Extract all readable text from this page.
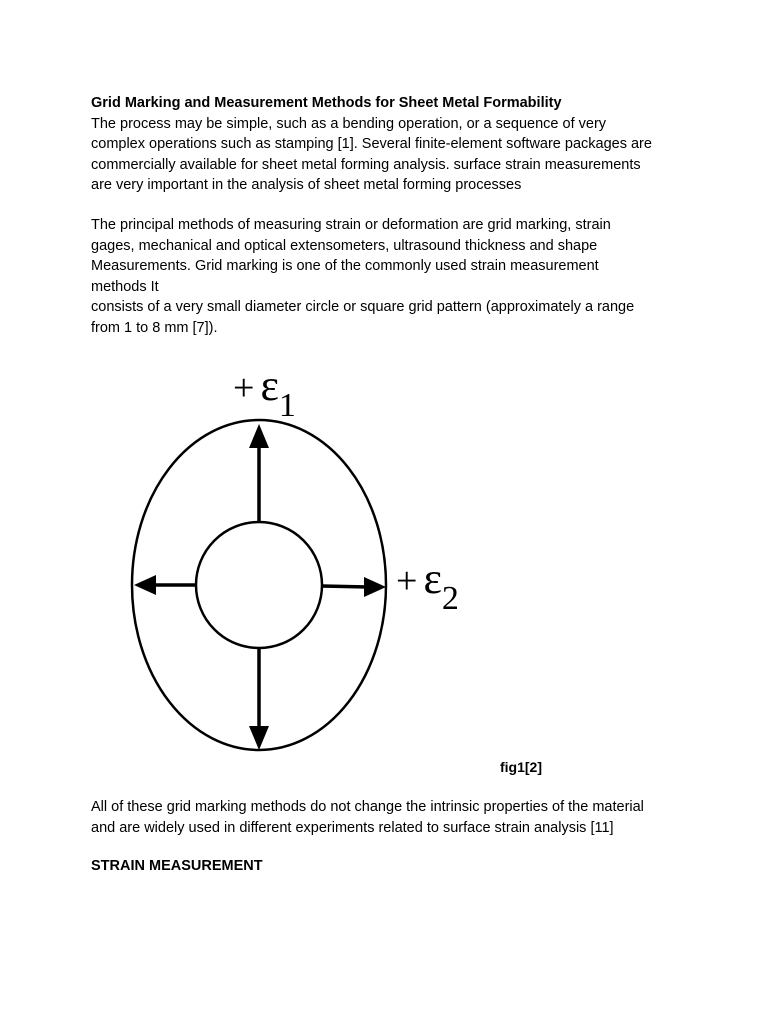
Grid Marking and Measurement Methods for Sheet Metal Formability
The process may be simple, such as a bending operation, or a sequence of very
complex operations such as stamping [1]. Several finite-element software packages are
commercially available for sheet metal forming analysis. surface strain measurements
are very important in the analysis of sheet metal forming processes
The principal methods of measuring strain or deformation are grid marking, strain
gages, mechanical and optical extensometers, ultrasound thickness and shape
Measurements. Grid marking is one of the commonly used strain measurement
methods It
consists of a very small diameter circle or square grid pattern (approximately a range
from 1 to 8 mm [7]).
+ ε1
+ ε2
fig1[2]
All of these grid marking methods do not change the intrinsic properties of the material
and are widely used in different experiments related to surface strain analysis [11]
STRAIN MEASUREMENT
